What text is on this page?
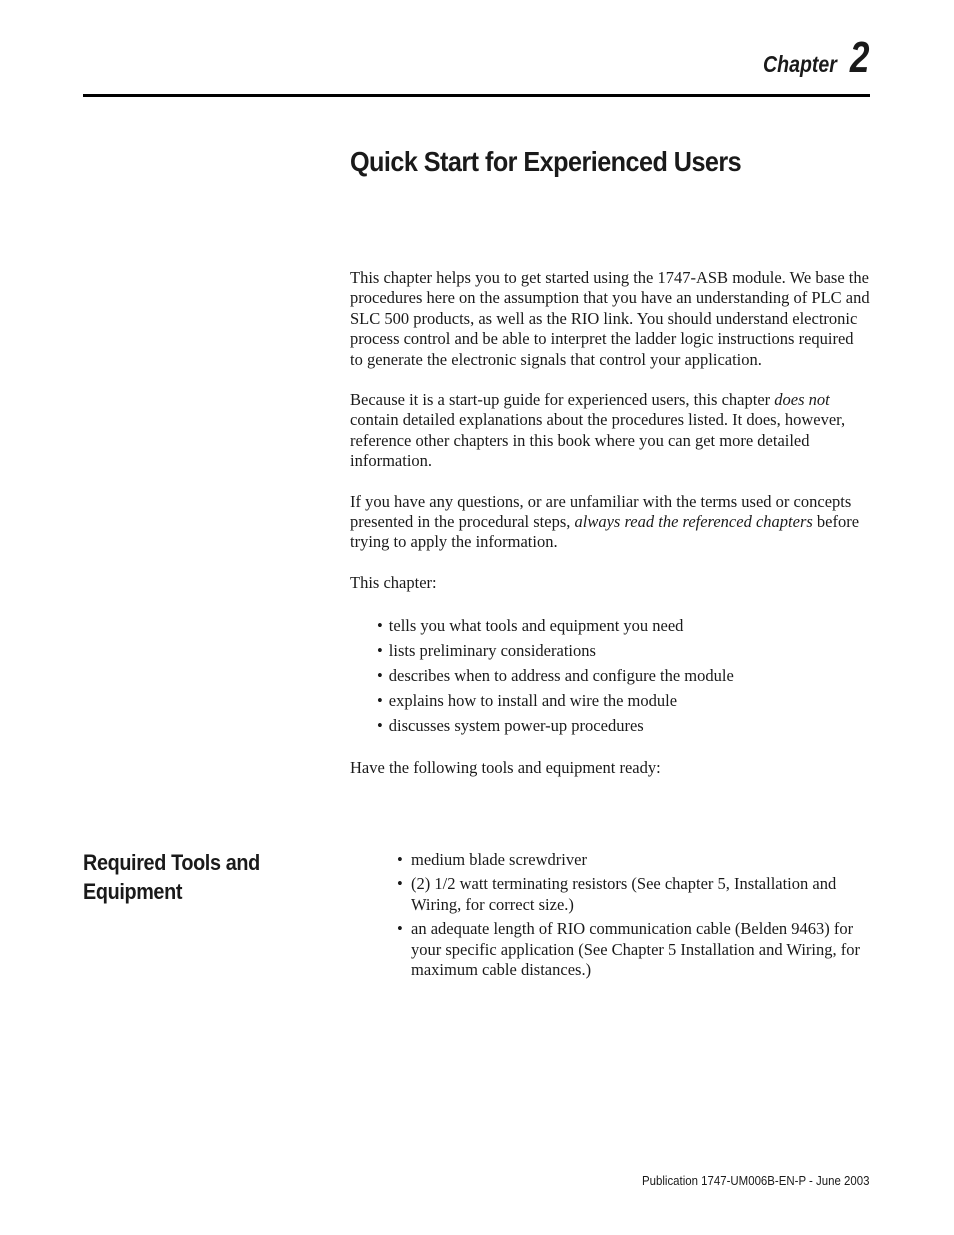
Chapter 2
Quick Start for Experienced Users

This chapter helps you to get started using the 1747-ASB module. We base the procedures here on the assumption that you have an understanding of PLC and SLC 500 products, as well as the RIO link. You should understand electronic process control and be able to interpret the ladder logic instructions required to generate the electronic signals that control your application.

Because it is a start-up guide for experienced users, this chapter does not contain detailed explanations about the procedures listed. It does, however, reference other chapters in this book where you can get more detailed information.

If you have any questions, or are unfamiliar with the terms used or concepts presented in the procedural steps, always read the referenced chapters before trying to apply the information.

This chapter:

• tells you what tools and equipment you need
• lists preliminary considerations
• describes when to address and configure the module
• explains how to install and wire the module
• discusses system power-up procedures

Have the following tools and equipment ready:

Required Tools and Equipment
• medium blade screwdriver
• (2) 1/2 watt terminating resistors (See chapter 5, Installation and Wiring, for correct size.)
• an adequate length of RIO communication cable (Belden 9463) for your specific application (See Chapter 5 Installation and Wiring, for maximum cable distances.)
Publication 1747-UM006B-EN-P - June 2003
